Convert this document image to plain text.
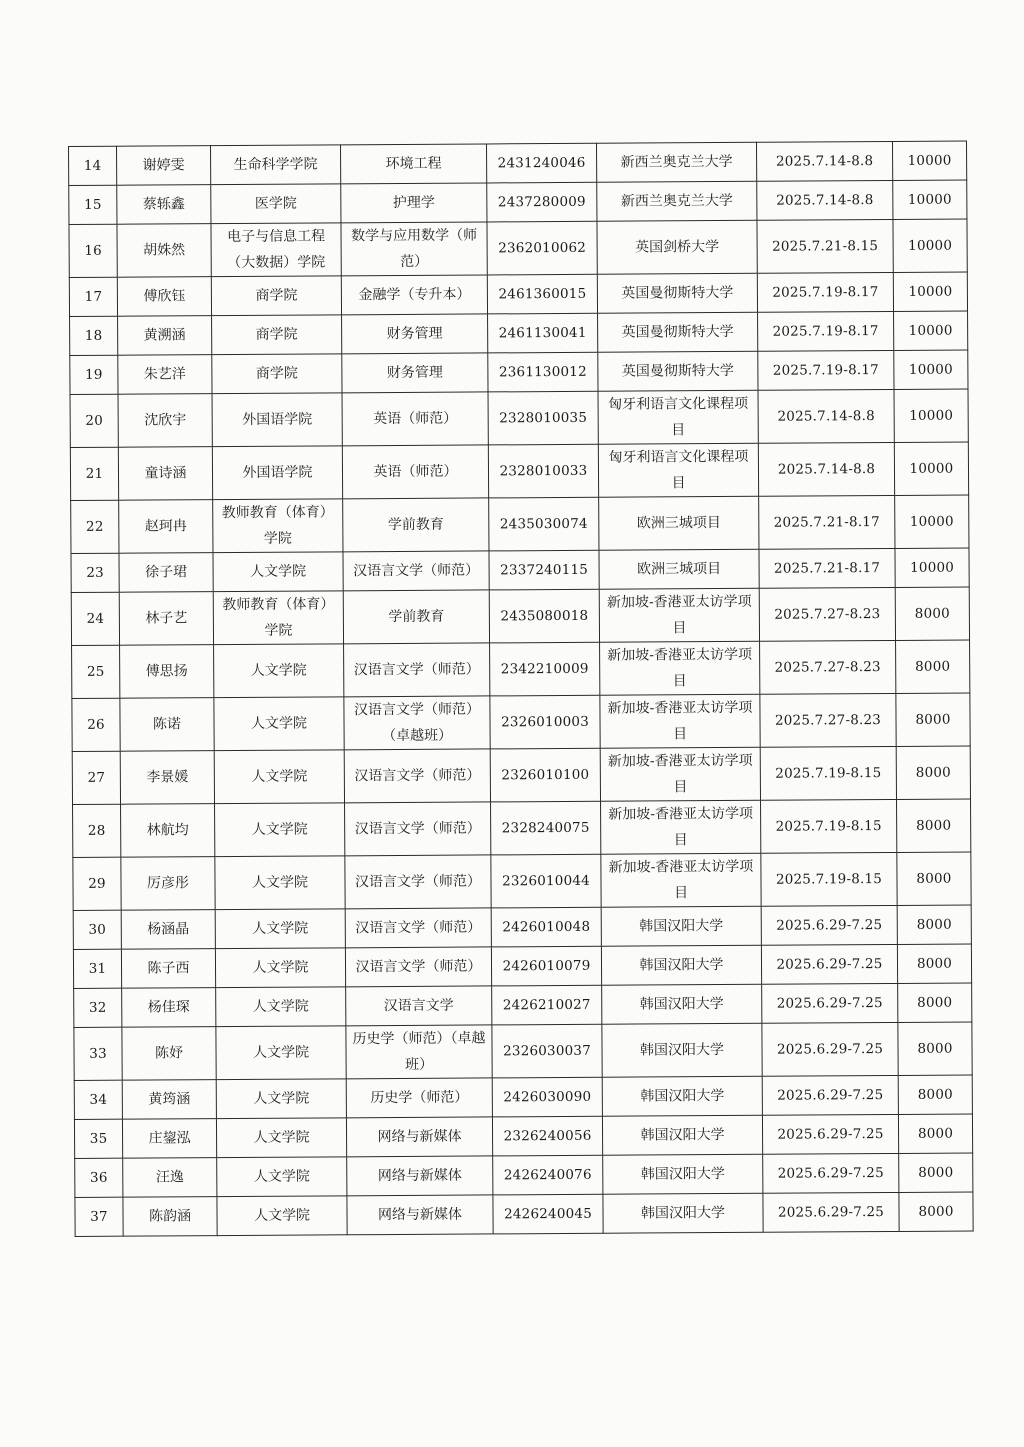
14	谢婷雯	生命科学学院	环境工程	2431240046	新西兰奥克兰大学	2025.7.14-8.8	10000
15	蔡轹鑫	医学院	护理学	2437280009	新西兰奥克兰大学	2025.7.14-8.8	10000
16	胡姝然	电子与信息工程（大数据）学院	数学与应用数学（师范）	2362010062	英国剑桥大学	2025.7.21-8.15	10000
17	傅欣钰	商学院	金融学（专升本）	2461360015	英国曼彻斯特大学	2025.7.19-8.17	10000
18	黄溯涵	商学院	财务管理	2461130041	英国曼彻斯特大学	2025.7.19-8.17	10000
19	朱艺洋	商学院	财务管理	2361130012	英国曼彻斯特大学	2025.7.19-8.17	10000
20	沈欣宇	外国语学院	英语（师范）	2328010035	匈牙利语言文化课程项目	2025.7.14-8.8	10000
21	童诗涵	外国语学院	英语（师范）	2328010033	匈牙利语言文化课程项目	2025.7.14-8.8	10000
22	赵珂冉	教师教育（体育）学院	学前教育	2435030074	欧洲三城项目	2025.7.21-8.17	10000
23	徐子珺	人文学院	汉语言文学（师范）	2337240115	欧洲三城项目	2025.7.21-8.17	10000
24	林子艺	教师教育（体育）学院	学前教育	2435080018	新加坡-香港亚太访学项目	2025.7.27-8.23	8000
25	傅思扬	人文学院	汉语言文学（师范）	2342210009	新加坡-香港亚太访学项目	2025.7.27-8.23	8000
26	陈诺	人文学院	汉语言文学（师范）（卓越班）	2326010003	新加坡-香港亚太访学项目	2025.7.27-8.23	8000
27	李景媛	人文学院	汉语言文学（师范）	2326010100	新加坡-香港亚太访学项目	2025.7.19-8.15	8000
28	林航均	人文学院	汉语言文学（师范）	2328240075	新加坡-香港亚太访学项目	2025.7.19-8.15	8000
29	厉彦彤	人文学院	汉语言文学（师范）	2326010044	新加坡-香港亚太访学项目	2025.7.19-8.15	8000
30	杨涵晶	人文学院	汉语言文学（师范）	2426010048	韩国汉阳大学	2025.6.29-7.25	8000
31	陈子西	人文学院	汉语言文学（师范）	2426010079	韩国汉阳大学	2025.6.29-7.25	8000
32	杨佳琛	人文学院	汉语言文学	2426210027	韩国汉阳大学	2025.6.29-7.25	8000
33	陈妤	人文学院	历史学（师范）（卓越班）	2326030037	韩国汉阳大学	2025.6.29-7.25	8000
34	黄筠涵	人文学院	历史学（师范）	2426030090	韩国汉阳大学	2025.6.29-7.25	8000
35	庄鋆泓	人文学院	网络与新媒体	2326240056	韩国汉阳大学	2025.6.29-7.25	8000
36	汪逸	人文学院	网络与新媒体	2426240076	韩国汉阳大学	2025.6.29-7.25	8000
37	陈韵涵	人文学院	网络与新媒体	2426240045	韩国汉阳大学	2025.6.29-7.25	8000
